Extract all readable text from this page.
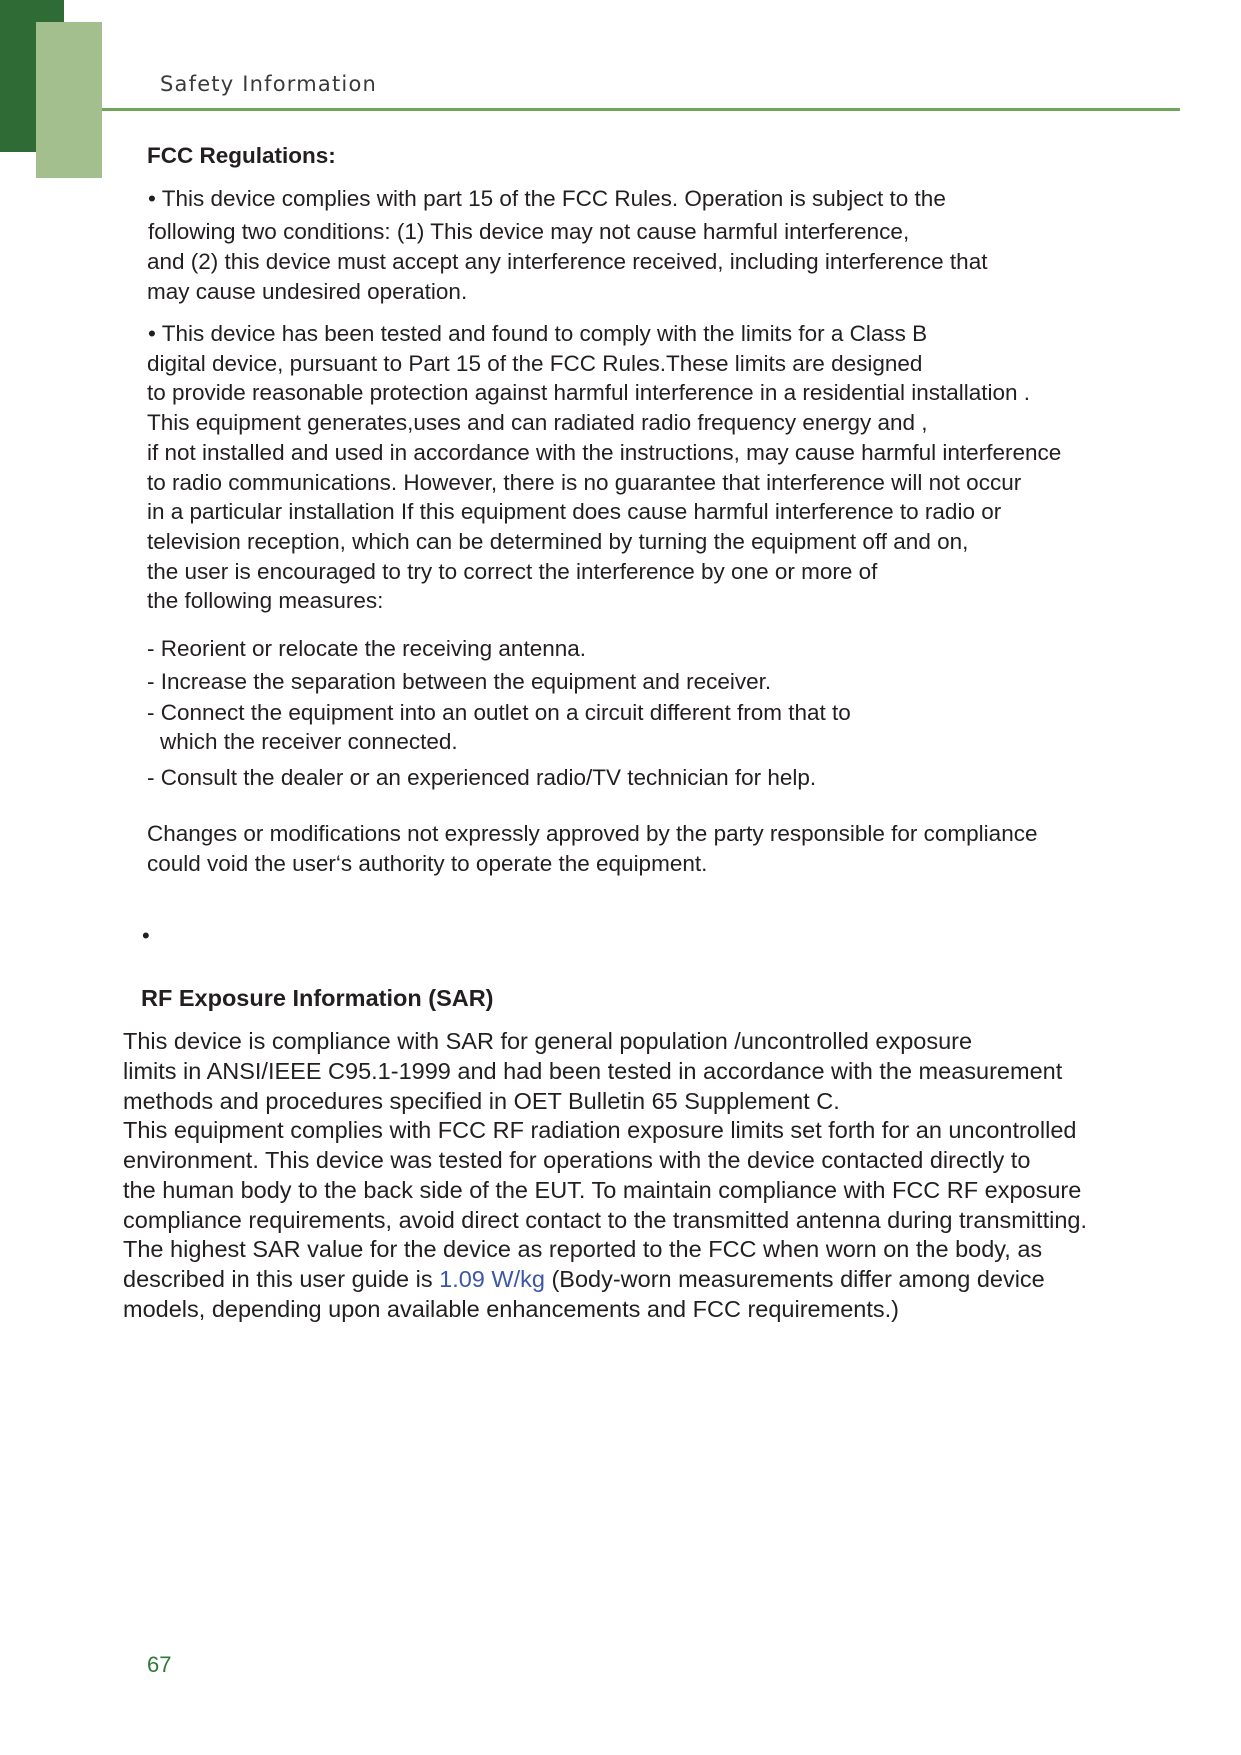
Safety Information
FCC Regulations:
• This device complies with part 15 of the FCC Rules. Operation is subject to the
following two conditions: (1) This device may not cause harmful interference,
and (2) this device must accept any interference received, including interference that
may cause undesired operation.
• This device has been tested and found to comply with the limits for a Class B
digital device, pursuant to Part 15 of the FCC Rules.These limits are designed
to provide reasonable protection against harmful interference in a residential installation .
This equipment generates,uses and can radiated radio frequency energy and ,
if not installed and used in accordance with the instructions, may cause harmful interference
to radio communications. However, there is no guarantee that interference will not occur
in a particular installation If this equipment does cause harmful interference to radio or
television reception, which can be determined by turning the equipment off and on,
the user is encouraged to try to correct the interference by one or more of
the following measures:
- Reorient or relocate the receiving antenna.
- Increase the separation between the equipment and receiver.
- Connect the equipment into an outlet on a circuit different from that to
which the receiver connected.
- Consult the dealer or an experienced radio/TV technician for help.
Changes or modifications not expressly approved by the party responsible for compliance
could void the user‘s authority to operate the equipment.
•
RF Exposure Information (SAR)
This device is compliance with SAR for general population /uncontrolled exposure
limits in ANSI/IEEE C95.1-1999 and had been tested in accordance with the measurement
methods and procedures specified in OET Bulletin 65 Supplement C.
This equipment complies with FCC RF radiation exposure limits set forth for an uncontrolled
environment. This device was tested for operations with the device contacted directly to
the human body to the back side of the EUT. To maintain compliance with FCC RF exposure
compliance requirements, avoid direct contact to the transmitted antenna during transmitting.
The highest SAR value for the device as reported to the FCC when worn on the body, as
described in this user guide is 1.09 W/kg (Body-worn measurements differ among device
models, depending upon available enhancements and FCC requirements.)
67
